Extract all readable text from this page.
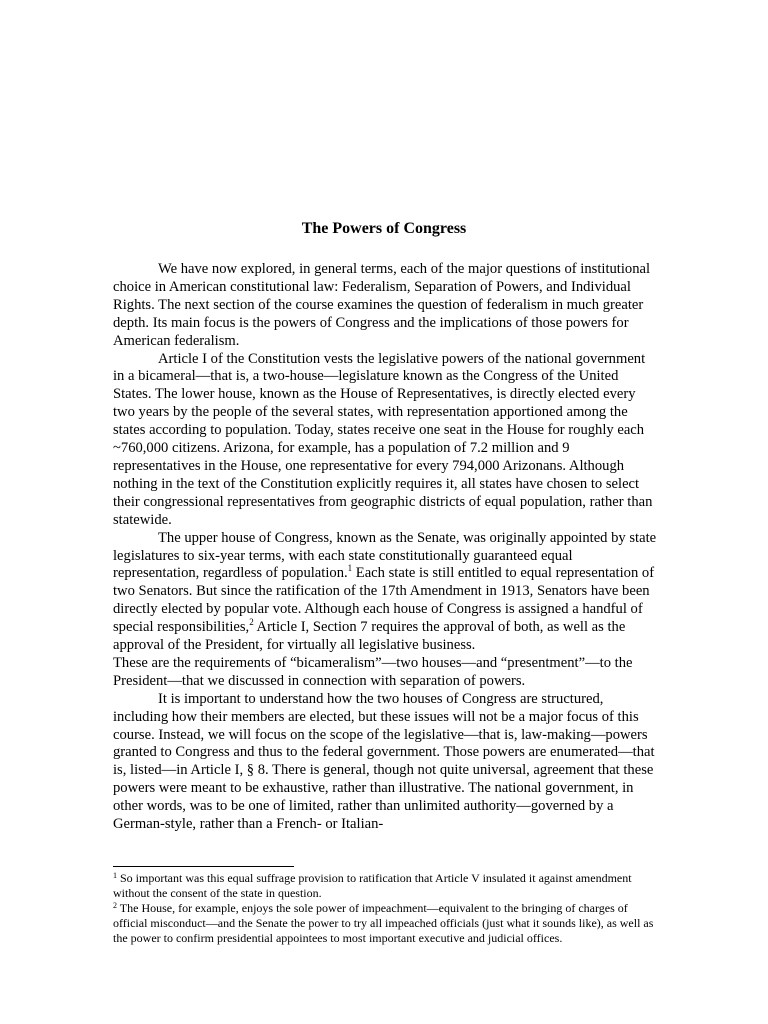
The Powers of Congress

We have now explored, in general terms, each of the major questions of institutional choice in American constitutional law: Federalism, Separation of Powers, and Individual Rights. The next section of the course examines the question of federalism in much greater depth. Its main focus is the powers of Congress and the implications of those powers for American federalism.

Article I of the Constitution vests the legislative powers of the national government in a bicameral—that is, a two-house—legislature known as the Congress of the United States. The lower house, known as the House of Representatives, is directly elected every two years by the people of the several states, with representation apportioned among the states according to population. Today, states receive one seat in the House for roughly each ~760,000 citizens. Arizona, for example, has a population of 7.2 million and 9 representatives in the House, one representative for every 794,000 Arizonans. Although nothing in the text of the Constitution explicitly requires it, all states have chosen to select their congressional representatives from geographic districts of equal population, rather than statewide.

The upper house of Congress, known as the Senate, was originally appointed by state legislatures to six-year terms, with each state constitutionally guaranteed equal representation, regardless of population.$^1$ Each state is still entitled to equal representation of two Senators. But since the ratification of the 17th Amendment in 1913, Senators have been directly elected by popular vote. Although each house of Congress is assigned a handful of special responsibilities,$^2$ Article I, Section 7 requires the approval of both, as well as the approval of the President, for virtually all legislative business.

These are the requirements of “bicameralism”—two houses—and “presentment”—to the President—that we discussed in connection with separation of powers.

It is important to understand how the two houses of Congress are structured, including how their members are elected, but these issues will not be a major focus of this course. Instead, we will focus on the scope of the legislative—that is, law-making—powers granted to Congress and thus to the federal government. Those powers are enumerated—that is, listed—in Article I, § 8. There is general, though not quite universal, agreement that these powers were meant to be exhaustive, rather than illustrative. The national government, in other words, was to be one of limited, rather than unlimited authority—governed by a German-style, rather than a French- or Italian-

$^1$ So important was this equal suffrage provision to ratification that Article V insulated it against amendment without the consent of the state in question.

$^2$ The House, for example, enjoys the sole power of impeachment—equivalent to the bringing of charges of official misconduct—and the Senate the power to try all impeached officials (just what it sounds like), as well as the power to confirm presidential appointees to most important executive and judicial offices.
